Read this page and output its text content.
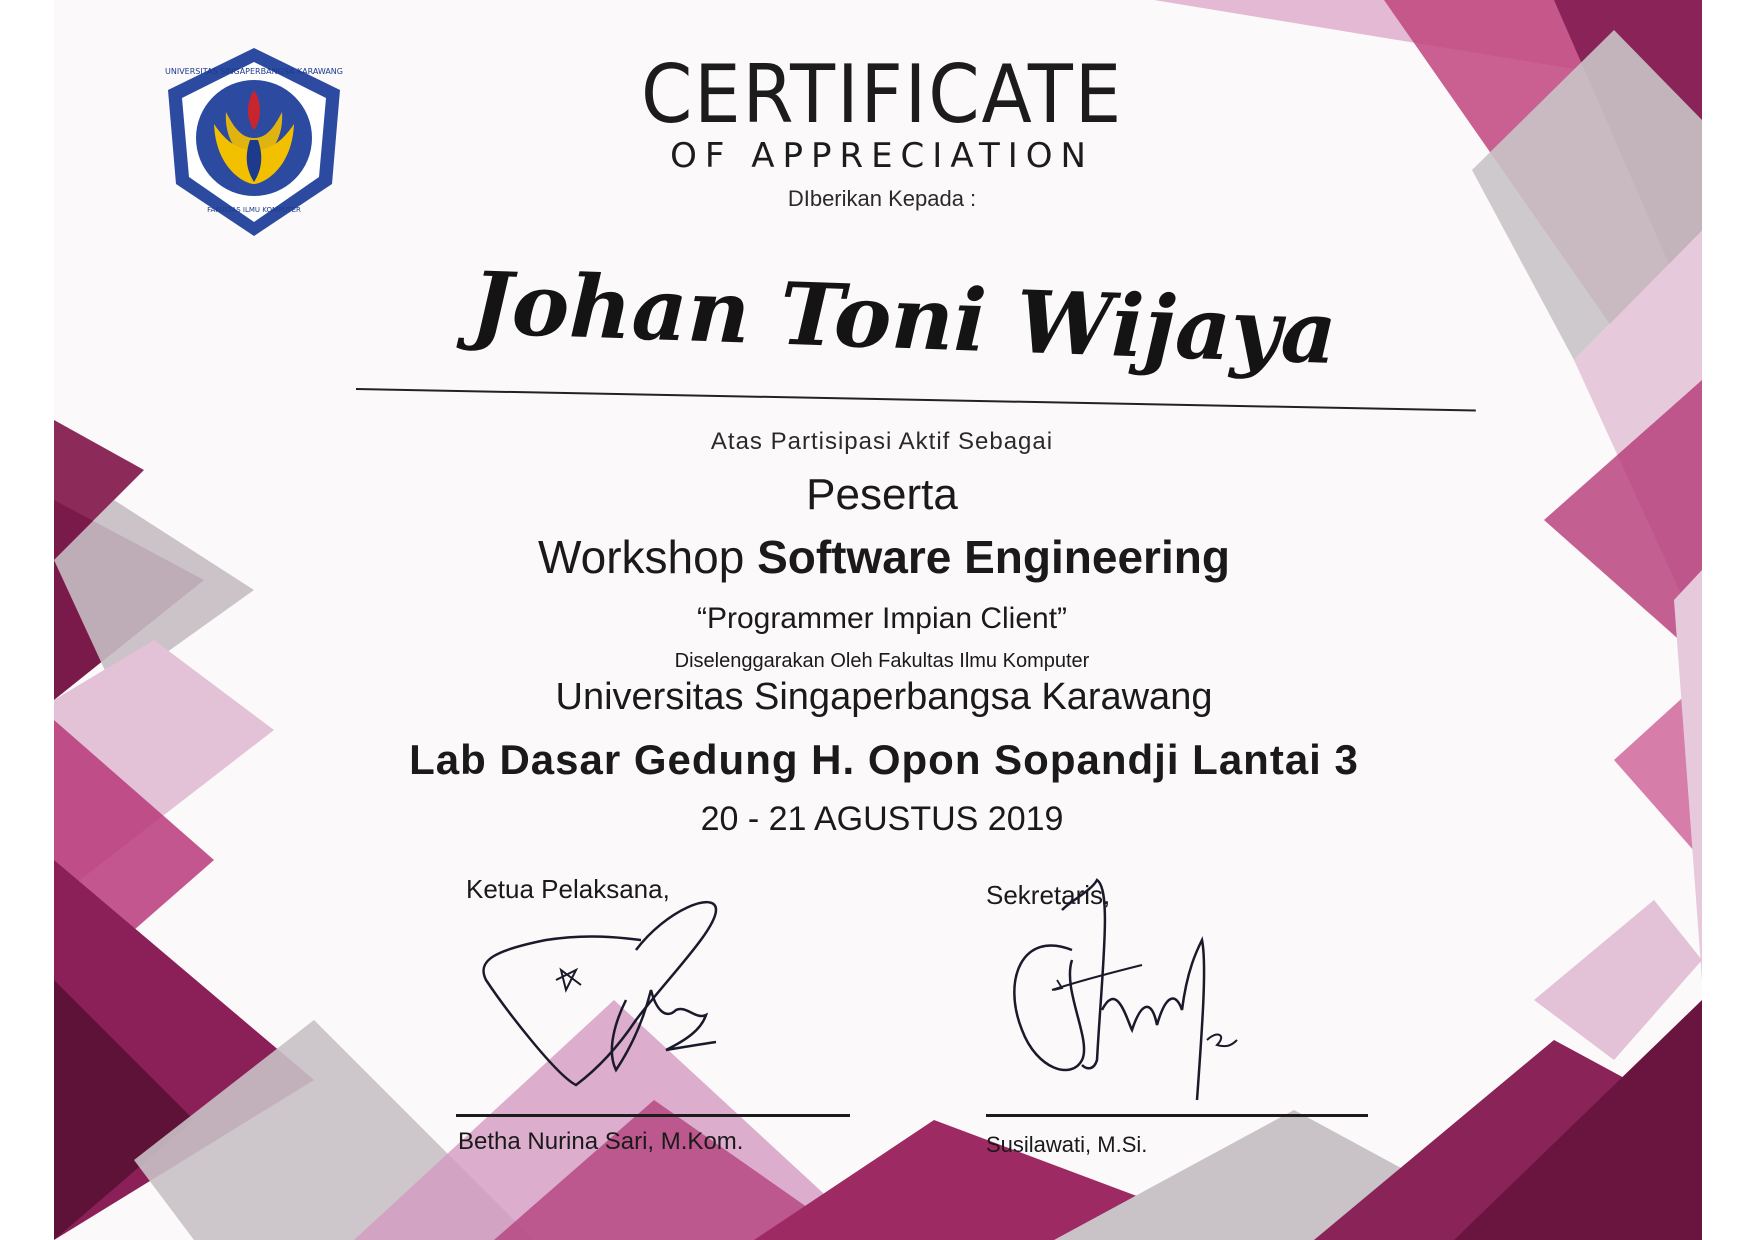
UNIVERSITAS SINGAPERBANGSA KARAWANG
FAKULTAS ILMU KOMPUTER
CERTIFICATE
OF APPRECIATION
DIberikan Kepada :
Johan Toni Wijaya
Atas Partisipasi Aktif Sebagai
Peserta
Workshop Software Engineering
“Programmer Impian Client”
Diselenggarakan Oleh Fakultas Ilmu Komputer
Universitas Singaperbangsa Karawang
Lab Dasar Gedung H. Opon Sopandji Lantai 3
20 - 21 AGUSTUS 2019
Ketua Pelaksana,
Betha Nurina Sari, M.Kom.
Sekretaris,
Susilawati, M.Si.
